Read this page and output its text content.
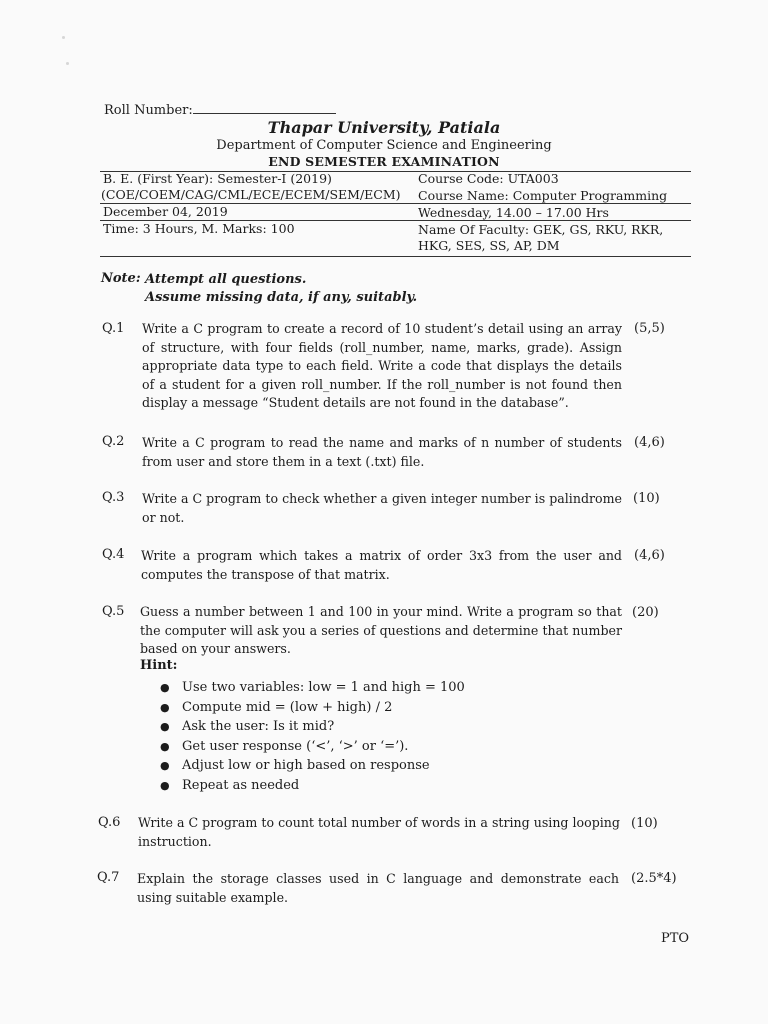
Roll Number:
Thapar University, Patiala
Department of Computer Science and Engineering
END SEMESTER EXAMINATION
B. E. (First Year): Semester-I (2019)
(COE/COEM/CAG/CML/ECE/ECEM/SEM/ECM)
December 04, 2019
Time: 3 Hours, M. Marks: 100
Course Code: UTA003
Course Name: Computer Programming
Wednesday, 14.00 – 17.00 Hrs
Name Of Faculty: GEK, GS, RKU, RKR,
HKG, SES, SS, AP, DM
Note: Attempt all questions.
Assume missing data, if any, suitably.
Q.1 Write a C program to create a record of 10 student’s detail using an array of structure, with four fields (roll_number, name, marks, grade). Assign appropriate data type to each field. Write a code that displays the details of a student for a given roll_number. If the roll_number is not found then display a message “Student details are not found in the database”.
(5,5)
Q.2 Write a C program to read the name and marks of n number of students from user and store them in a text (.txt) file.
(4,6)
Q.3 Write a C program to check whether a given integer number is palindrome or not.
(10)
Q.4 Write a program which takes a matrix of order 3x3 from the user and computes the transpose of that matrix.
(4,6)
Q.5 Guess a number between 1 and 100 in your mind. Write a program so that the computer will ask you a series of questions and determine that number based on your answers.
(20)
Hint:
● Use two variables: low = 1 and high = 100
● Compute mid = (low + high) / 2
● Ask the user: Is it mid?
● Get user response (‘<’, ‘>’ or ‘=’).
● Adjust low or high based on response
● Repeat as needed
Q.6 Write a C program to count total number of words in a string using looping instruction.
(10)
Q.7 Explain the storage classes used in C language and demonstrate each using suitable example.
(2.5*4)
PTO
